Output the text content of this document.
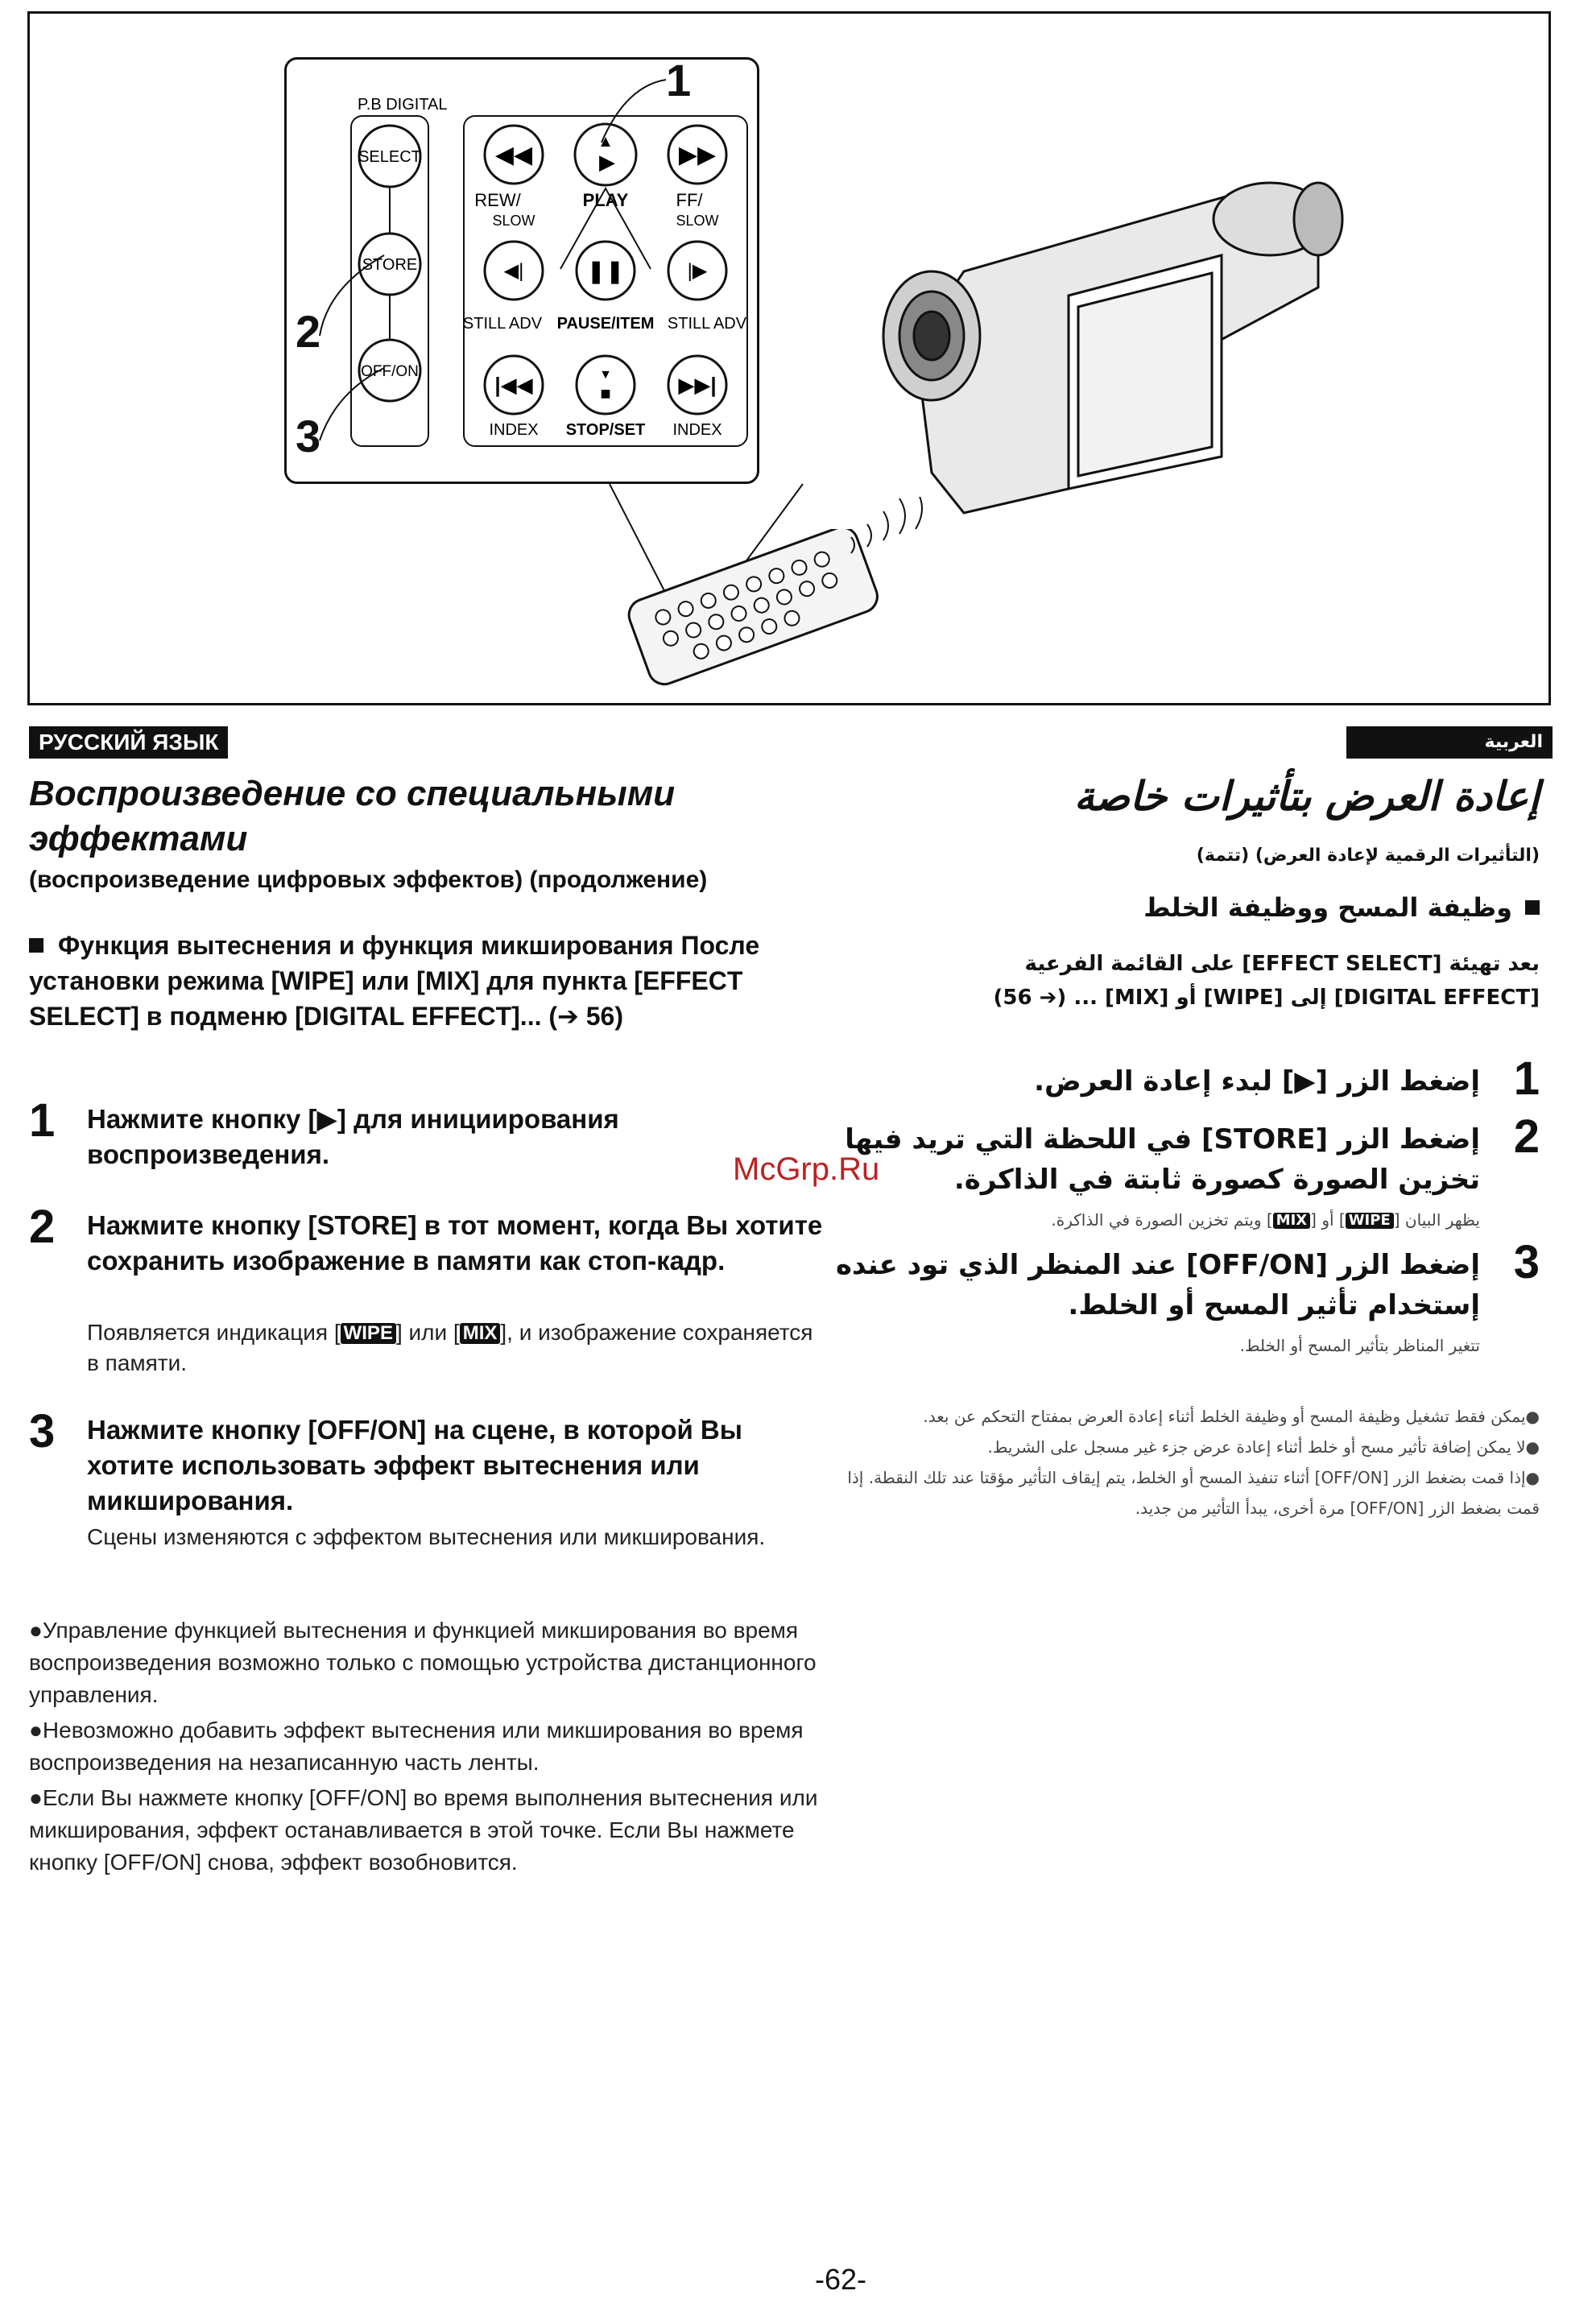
P.B DIGITAL
SELECT
STORE
OFF/ON
◀◀	▲
▶	▶▶
REW/	PLAY	FF/
SLOW	SLOW
◀|	❚❚	|▶
STILL ADV PAUSE/ITEM STILL ADV
|◀◀	▼
■	▶▶|
INDEX STOP/SET INDEX
1
2
3
РУССКИЙ ЯЗЫК
Воспроизведение со специальными эффектами
(воспроизведение цифровых эффектов) (продолжение)
Функция вытеснения и функция микширования После установки режима [WIPE] или [MIX] для пункта [EFFECT SELECT] в подменю [DIGITAL EFFECT]... (➔ 56)
1 Нажмите кнопку [▶] для инициирования воспроизведения.
2 Нажмите кнопку [STORE] в тот момент, когда Вы хотите сохранить изображение в памяти как стоп-кадр.
Появляется индикация [ WIPE ] или [ MIX ], и изображение сохраняется в памяти.
3 Нажмите кнопку [OFF/ON] на сцене, в которой Вы хотите использовать эффект вытеснения или микширования.
Сцены изменяются с эффектом вытеснения или микширования.
●Управление функцией вытеснения и функцией микширования во время воспроизведения возможно только с помощью устройства дистанционного управления.
●Невозможно добавить эффект вытеснения или микширования во время воспроизведения на незаписанную часть ленты.
●Если Вы нажмете кнопку [OFF/ON] во время выполнения вытеснения или микширования, эффект останавливается в этой точке. Если Вы нажмете кнопку [OFF/ON] снова, эффект возобновится.
العربية
إعادة العرض بتأثيرات خاصة
(التأثيرات الرقمية لإعادة العرض) (تتمة)
وظيفة المسح ووظيفة الخلط
بعد تهيئة [EFFECT SELECT] على القائمة الفرعية
[DIGITAL EFFECT] إلى [WIPE] أو [MIX] ... (➔ 56)
1
إضغط الزر [▶] لبدء إعادة العرض.
2
إضغط الزر [STORE] في اللحظة التي تريد فيها تخزين الصورة كصورة ثابتة في الذاكرة.
يظهر البيان [WIPE] أو [MIX] ويتم تخزين الصورة في الذاكرة.
3
إضغط الزر [OFF/ON] عند المنظر الذي تود عنده إستخدام تأثير المسح أو الخلط.
تتغير المناظر بتأثير المسح أو الخلط.
●يمكن فقط تشغيل وظيفة المسح أو وظيفة الخلط أثناء إعادة العرض بمفتاح التحكم عن بعد.
●لا يمكن إضافة تأثير مسح أو خلط أثناء إعادة عرض جزء غير مسجل على الشريط.
●إذا قمت بضغط الزر [OFF/ON] أثناء تنفيذ المسح أو الخلط، يتم إيقاف التأثير مؤقتا عند تلك النقطة. إذا قمت بضغط الزر [OFF/ON] مرة أخرى، يبدأ التأثير من جديد.
McGrp.Ru
-62-
